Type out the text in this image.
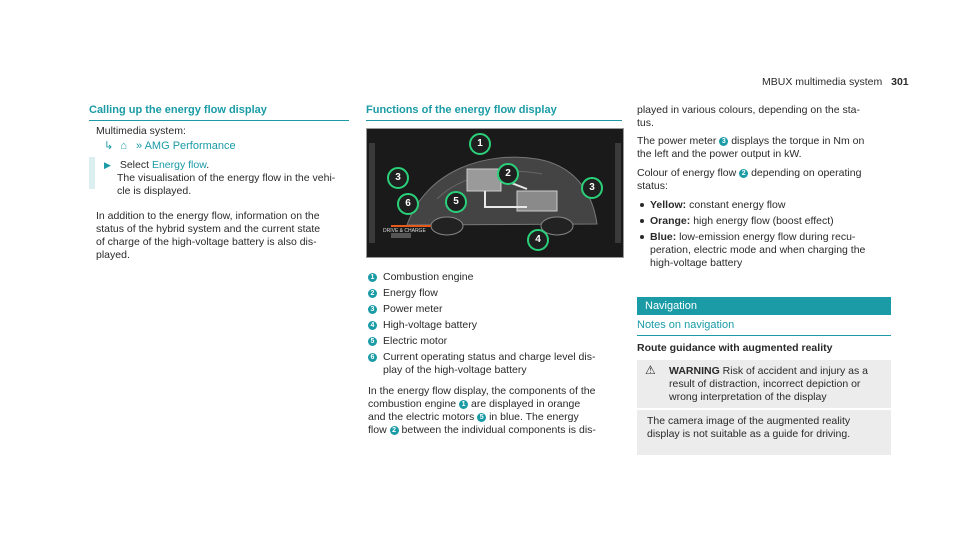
MBUX multimedia system 301
Calling up the energy flow display

Multimedia system:

↳ ⌂ » AMG Performance
▶ Select Energy flow.

The visualisation of the energy flow in the vehi-

cle is displayed.

In addition to the energy flow, information on the

status of the hybrid system and the current state

of charge of the high-voltage battery is also dis-

played.

Functions of the energy flow display
DRIVE & CHARGE
1
2
3
3
4
5
6
1 Combustion engine
2 Energy flow
3 Power meter
4 High-voltage battery
5 Electric motor
6 Current operating status and charge level dis-

play of the high-voltage battery

In the energy flow display, the components of the

combustion engine 1 are displayed in orange
and the electric motors 5 in blue. The energy
flow 2 between the individual components is dis-

played in various colours, depending on the sta-

tus.

The power meter 3 displays the torque in Nm on

the left and the power output in kW.

Colour of energy flow 2 depending on operating

status:

Yellow: constant energy flow
Orange: high energy flow (boost effect)
Blue: low-emission energy flow during recu-

peration, electric mode and when charging the

high-voltage battery

Navigation
Notes on navigation
Route guidance with augmented reality
⚠ WARNING Risk of accident and injury as a

result of distraction, incorrect depiction or

wrong interpretation of the display

The camera image of the augmented reality

display is not suitable as a guide for driving.
